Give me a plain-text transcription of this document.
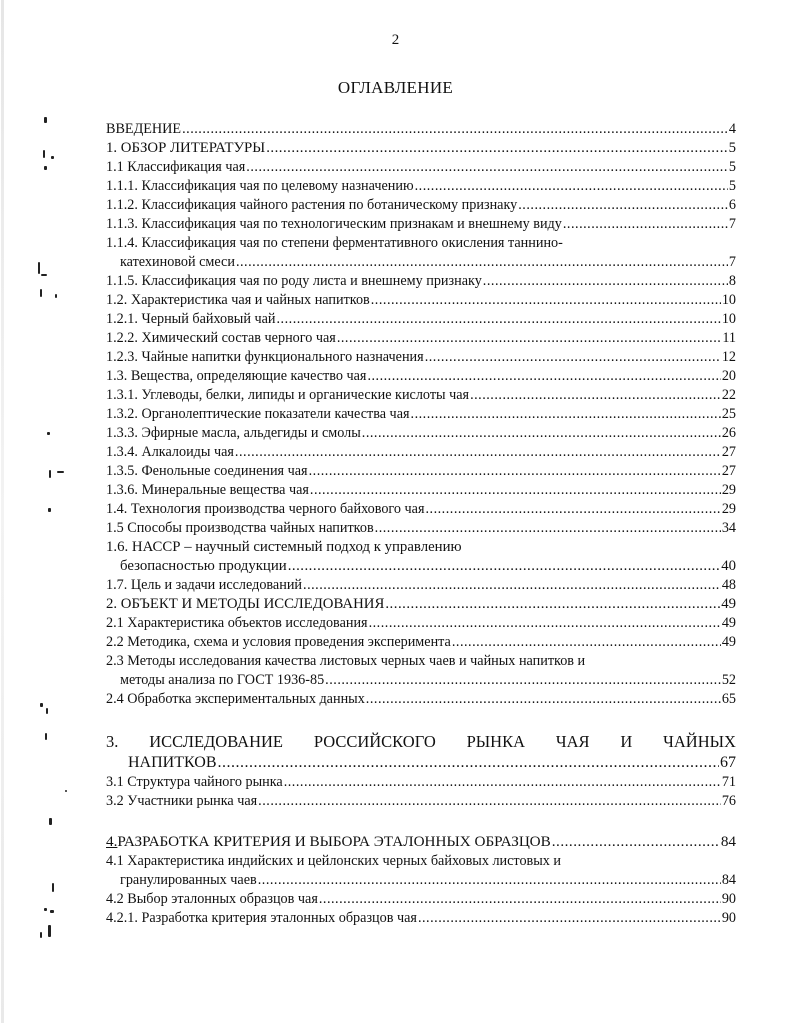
2
ОГЛАВЛЕНИЕ
ВВЕДЕНИЕ .....	4
1. ОБЗОР ЛИТЕРАТУРЫ .....	5
1.1 Классификация чая .....	5
1.1.1. Классификация чая по целевому назначению .....	5
1.1.2. Классификация чайного растения по ботаническому признаку .....	6
1.1.3. Классификация чая по технологическим признакам и внешнему виду .....	7
1.1.4. Классификация чая по степени ферментативного окисления таннино-
катехиновой смеси .....	7
1.1.5. Классификация чая по роду листа и внешнему признаку .....	8
1.2. Характеристика чая и чайных напитков .....	10
1.2.1. Черный байховый чай .....	10
1.2.2. Химический состав черного чая .....	11
1.2.3. Чайные напитки функционального назначения .....	12
1.3. Вещества, определяющие качество чая .....	20
1.3.1. Углеводы, белки, липиды и органические кислоты чая .....	22
1.3.2. Органолептические показатели качества чая .....	25
1.3.3. Эфирные масла, альдегиды и смолы .....	26
1.3.4. Алкалоиды чая .....	27
1.3.5. Фенольные соединения чая .....	27
1.3.6. Минеральные вещества чая .....	29
1.4. Технология производства черного байхового чая .....	29
1.5 Способы производства чайных напитков .....	34
1.6. НАССР – научный системный подход к управлению
безопасностью продукции .....	40
1.7. Цель и задачи исследований .....	48
2. ОБЪЕКТ И МЕТОДЫ ИССЛЕДОВАНИЯ .....	49
2.1 Характеристика объектов исследования .....	49
2.2 Методика, схема и условия проведения эксперимента .....	49
2.3 Методы исследования качества листовых черных чаев и чайных напитков и
методы анализа по ГОСТ 1936-85 .....	52
2.4 Обработка экспериментальных данных .....	65
3. ИССЛЕДОВАНИЕ РОССИЙСКОГО РЫНКА ЧАЯ И ЧАЙНЫХ
НАПИТКОВ .....	67
3.1 Структура чайного рынка .....	71
3.2 Участники рынка чая .....	76
4. РАЗРАБОТКА КРИТЕРИЯ И ВЫБОРА ЭТАЛОННЫХ ОБРАЗЦОВ .....	84
4.1 Характеристика индийских и цейлонских черных байховых листовых и
гранулированных чаев .....	84
4.2 Выбор эталонных образцов чая .....	90
4.2.1. Разработка критерия эталонных образцов чая .....	90
